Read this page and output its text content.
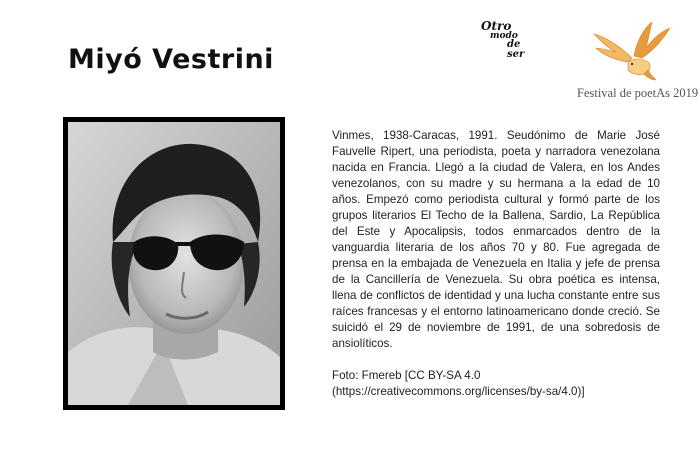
Miyó Vestrini
Otro
modo
de ser
Festival de poetAs 2019

Vinmes, 1938-Caracas, 1991. Seudónimo de Marie José Fauvelle Ripert, una periodista, poeta y narradora venezolana nacida en Francia. Llegó a la ciudad de Valera, en los Andes venezolanos, con su madre y su hermana a la edad de 10 años. Empezó como periodista cultural y formó parte de los grupos literarios El Techo de la Ballena, Sardio, La República del Este y Apocalipsis, todos enmarcados dentro de la vanguardia literaria de los años 70 y 80. Fue agregada de prensa en la embajada de Venezuela en Italia y jefe de prensa de la Cancillería de Venezuela. Su obra poética es intensa, llena de conflictos de identidad y una lucha constante entre sus raíces francesas y el entorno latinoamericano donde creció. Se suicidó el 29 de noviembre de 1991, de una sobredosis de ansiolíticos.

Foto: Fmereb [CC BY-SA 4.0
(https://creativecommons.org/licenses/by-sa/4.0)]
